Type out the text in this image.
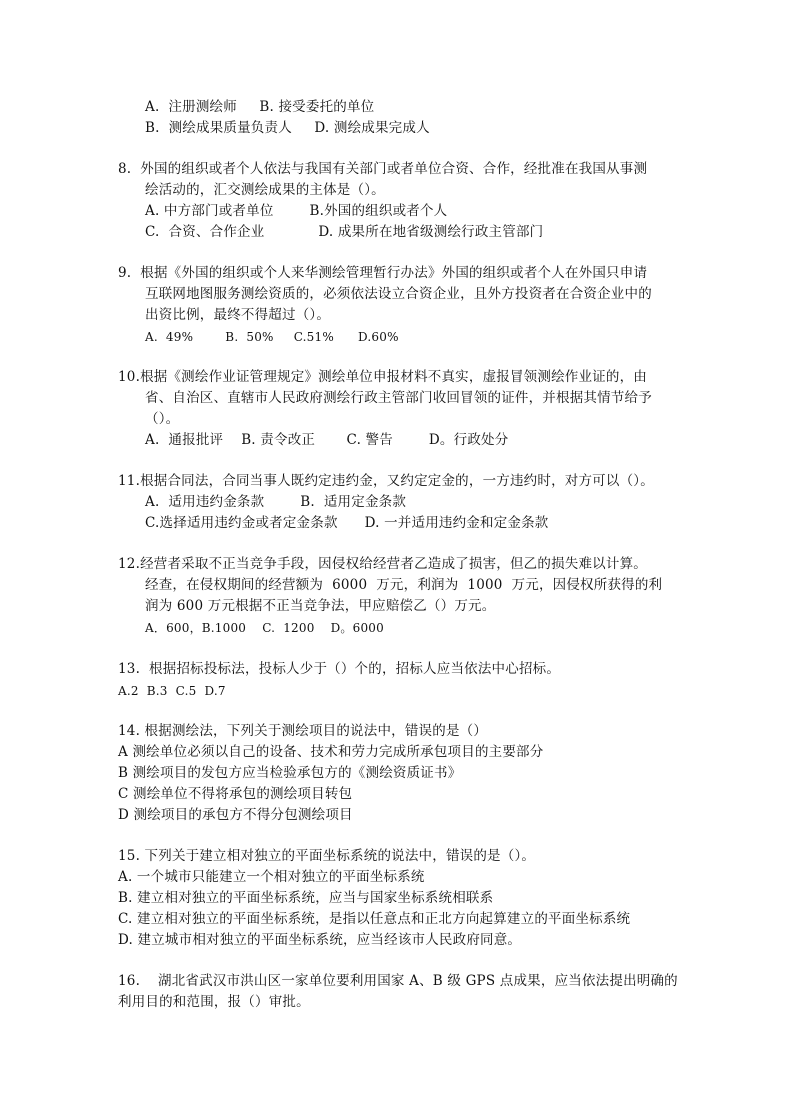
A.  注册测绘师     B. 接受委托的单位
B.  测绘成果质量负责人     D. 测绘成果完成人
8.  外国的组织或者个人依法与我国有关部门或者单位合资、合作，经批准在我国从事测
绘活动的，汇交测绘成果的主体是（）。
A. 中方部门或者单位        B.外国的组织或者个人
C.  合资、合作企业            D. 成果所在地省级测绘行政主管部门
9.  根据《外国的组织或个人来华测绘管理暂行办法》外国的组织或者个人在外国只申请
互联网地图服务测绘资质的，必须依法设立合资企业，且外方投资者在合资企业中的
出资比例，最终不得超过（）。
A.  49%        B.  50%     C.51%      D.60%
10.根据《测绘作业证管理规定》测绘单位申报材料不真实，虚报冒领测绘作业证的，由
省、自治区、直辖市人民政府测绘行政主管部门收回冒领的证件，并根据其情节给予
（）。
A.  通报批评    B. 责令改正       C. 警告        D。行政处分
11.根据合同法，合同当事人既约定违约金，又约定定金的，一方违约时，对方可以（）。
A.  适用违约金条款        B.  适用定金条款
C.选择适用违约金或者定金条款      D. 一并适用违约金和定金条款
12.经营者采取不正当竞争手段，因侵权给经营者乙造成了损害，但乙的损失难以计算。
经查，在侵权期间的经营额为  6000  万元，利润为  1000  万元，因侵权所获得的利
润为 600 万元根据不正当竞争法，甲应赔偿乙（）万元。
A．600，B.1000    C.  1200    D。6000
13.  根据招标投标法，投标人少于（）个的，招标人应当依法中心招标。
A.2  B.3  C.5  D.7
14. 根据测绘法，下列关于测绘项目的说法中，错误的是（）
A 测绘单位必须以自己的设备、技术和劳力完成所承包项目的主要部分
B 测绘项目的发包方应当检验承包方的《测绘资质证书》
C 测绘单位不得将承包的测绘项目转包
D 测绘项目的承包方不得分包测绘项目
15. 下列关于建立相对独立的平面坐标系统的说法中，错误的是（）。
A. 一个城市只能建立一个相对独立的平面坐标系统
B. 建立相对独立的平面坐标系统，应当与国家坐标系统相联系
C. 建立相对独立的平面坐标系统，是指以任意点和正北方向起算建立的平面坐标系统
D. 建立城市相对独立的平面坐标系统，应当经该市人民政府同意。
16.    湖北省武汉市洪山区一家单位要利用国家 A、B 级 GPS 点成果，应当依法提出明确的
利用目的和范围，报（）审批。
